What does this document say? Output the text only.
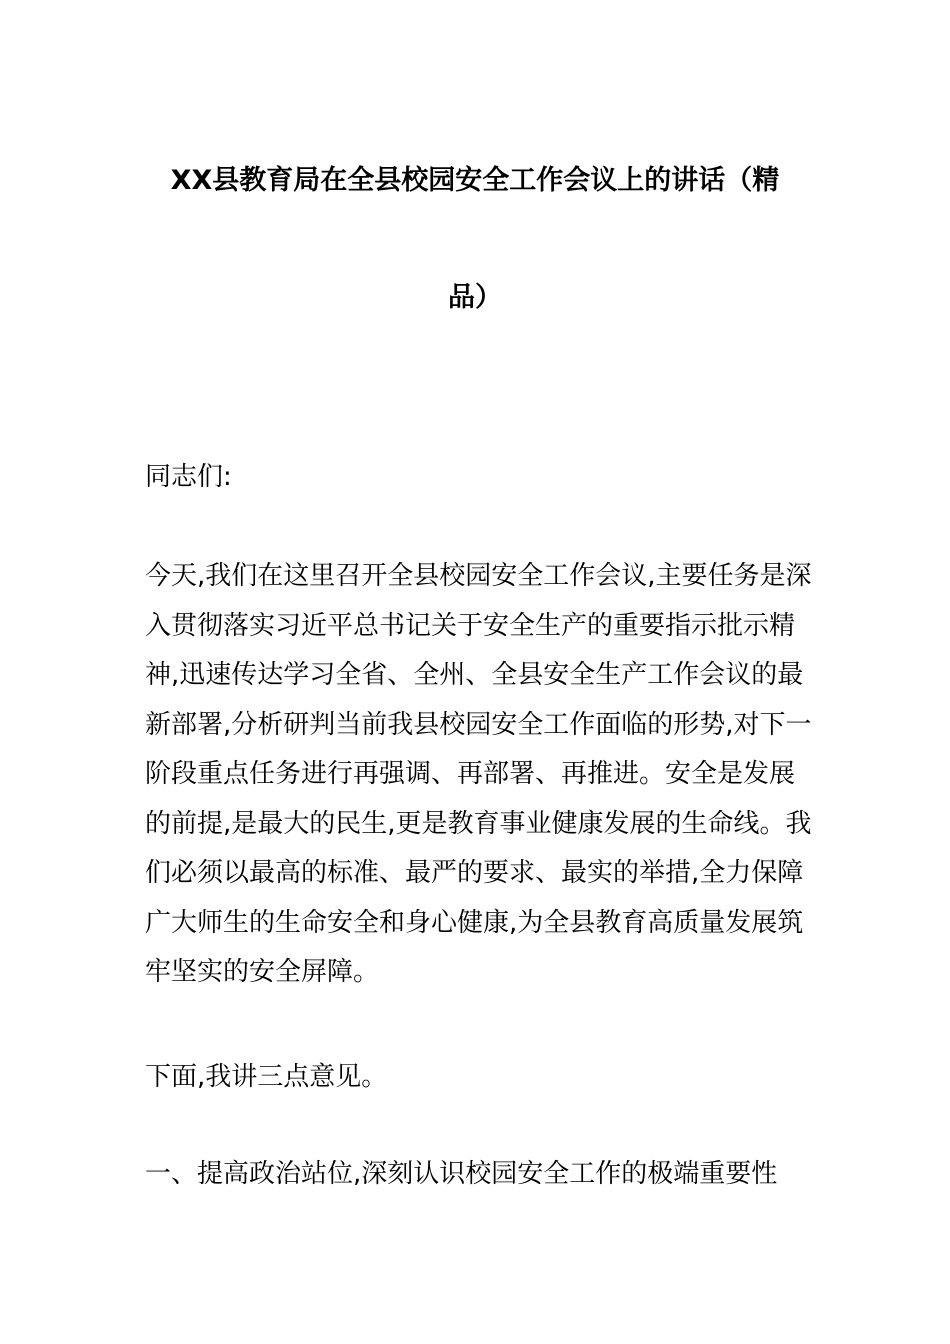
XX县教育局在全县校园安全工作会议上的讲话（精
品）
同志们:
今天,我们在这里召开全县校园安全工作会议,主要任务是深
入贯彻落实习近平总书记关于安全生产的重要指示批示精
神,迅速传达学习全省、全州、全县安全生产工作会议的最
新部署,分析研判当前我县校园安全工作面临的形势,对下一
阶段重点任务进行再强调、再部署、再推进。安全是发展
的前提,是最大的民生,更是教育事业健康发展的生命线。我
们必须以最高的标准、最严的要求、最实的举措,全力保障
广大师生的生命安全和身心健康,为全县教育高质量发展筑
牢坚实的安全屏障。
下面,我讲三点意见。
一、提高政治站位,深刻认识校园安全工作的极端重要性
